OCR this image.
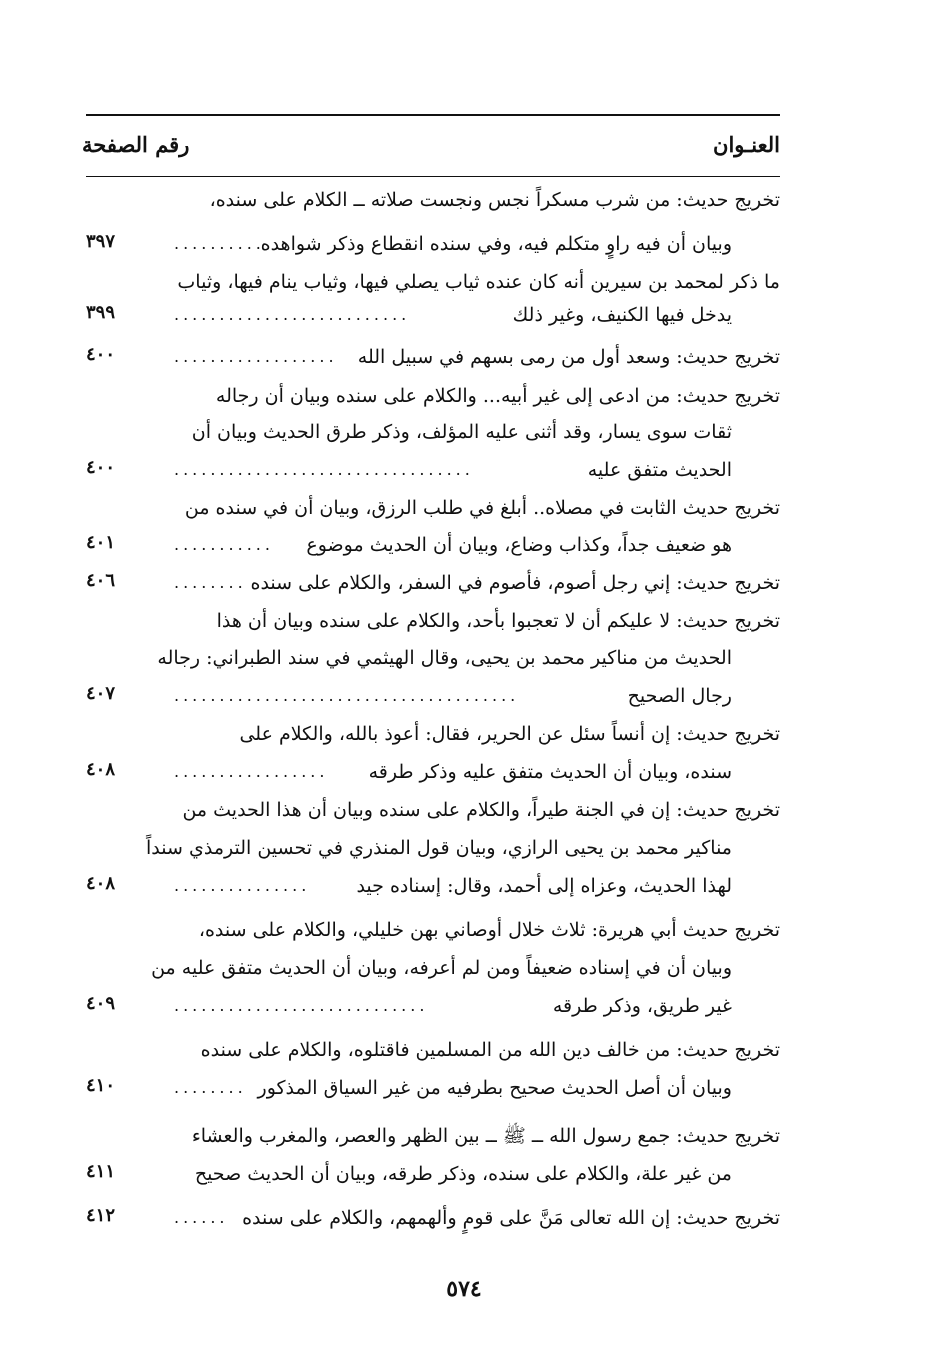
العنـوان
رقم الصفحة
تخريج حديث: من شرب مسكراً نجس ونجست صلاته ــ الكلام على سنده،
وبيان أن فيه راوٍ متكلم فيه، وفي سنده انقطاع وذكر شواهده
..........
٣٩٧
ما ذكر لمحمد بن سيرين أنه كان عنده ثياب يصلي فيها، وثياب ينام فيها، وثياب
يدخل فيها الكنيف، وغير ذلك
..........................
٣٩٩
تخريج حديث: وسعد أول من رمى بسهم في سبيل الله
..................
٤٠٠
تخريج حديث: من ادعى إلى غير أبيه... والكلام على سنده وبيان أن رجاله
ثقات سوى يسار، وقد أثنى عليه المؤلف، وذكر طرق الحديث وبيان أن
الحديث متفق عليه
.................................
٤٠٠
تخريج حديث الثابت في مصلاه.. أبلغ في طلب الرزق، وبيان أن في سنده من
هو ضعيف جداً، وكذاب وضاع، وبيان أن الحديث موضوع
...........
٤٠١
تخريج حديث: إني رجل أصوم، فأصوم في السفر، والكلام على سنده
........
٤٠٦
تخريج حديث: لا عليكم أن لا تعجبوا بأحد، والكلام على سنده وبيان أن هذا
الحديث من مناكير محمد بن يحيى، وقال الهيثمي في سند الطبراني: رجاله
رجال الصحيح
......................................
٤٠٧
تخريج حديث: إن أنساً سئل عن الحرير، فقال: أعوذ بالله، والكلام على
سنده، وبيان أن الحديث متفق عليه وذكر طرقه
.................
٤٠٨
تخريج حديث: إن في الجنة طيراً، والكلام على سنده وبيان أن هذا الحديث من
مناكير محمد بن يحيى الرازي، وبيان قول المنذري في تحسين الترمذي سنداً
لهذا الحديث، وعزاه إلى أحمد، وقال: إسناده جيد
...............
٤٠٨
تخريج حديث أبي هريرة: ثلاث خلال أوصاني بهن خليلي، والكلام على سنده،
وبيان أن في إسناده ضعيفاً ومن لم أعرفه، وبيان أن الحديث متفق عليه من
غير طريق، وذكر طرقه
............................
٤٠٩
تخريج حديث: من خالف دين الله من المسلمين فاقتلوه، والكلام على سنده
وبيان أن أصل الحديث صحيح بطرفيه من غير السياق المذكور
........
٤١٠
تخريج حديث: جمع رسول الله ــ ﷺ ــ بين الظهر والعصر، والمغرب والعشاء
من غير علة، والكلام على سنده، وذكر طرقه، وبيان أن الحديث صحيح
٤١١
تخريج حديث: إن الله تعالى مَنَّ على قومٍ وألهمهم، والكلام على سنده
......
٤١٢
٥٧٤
